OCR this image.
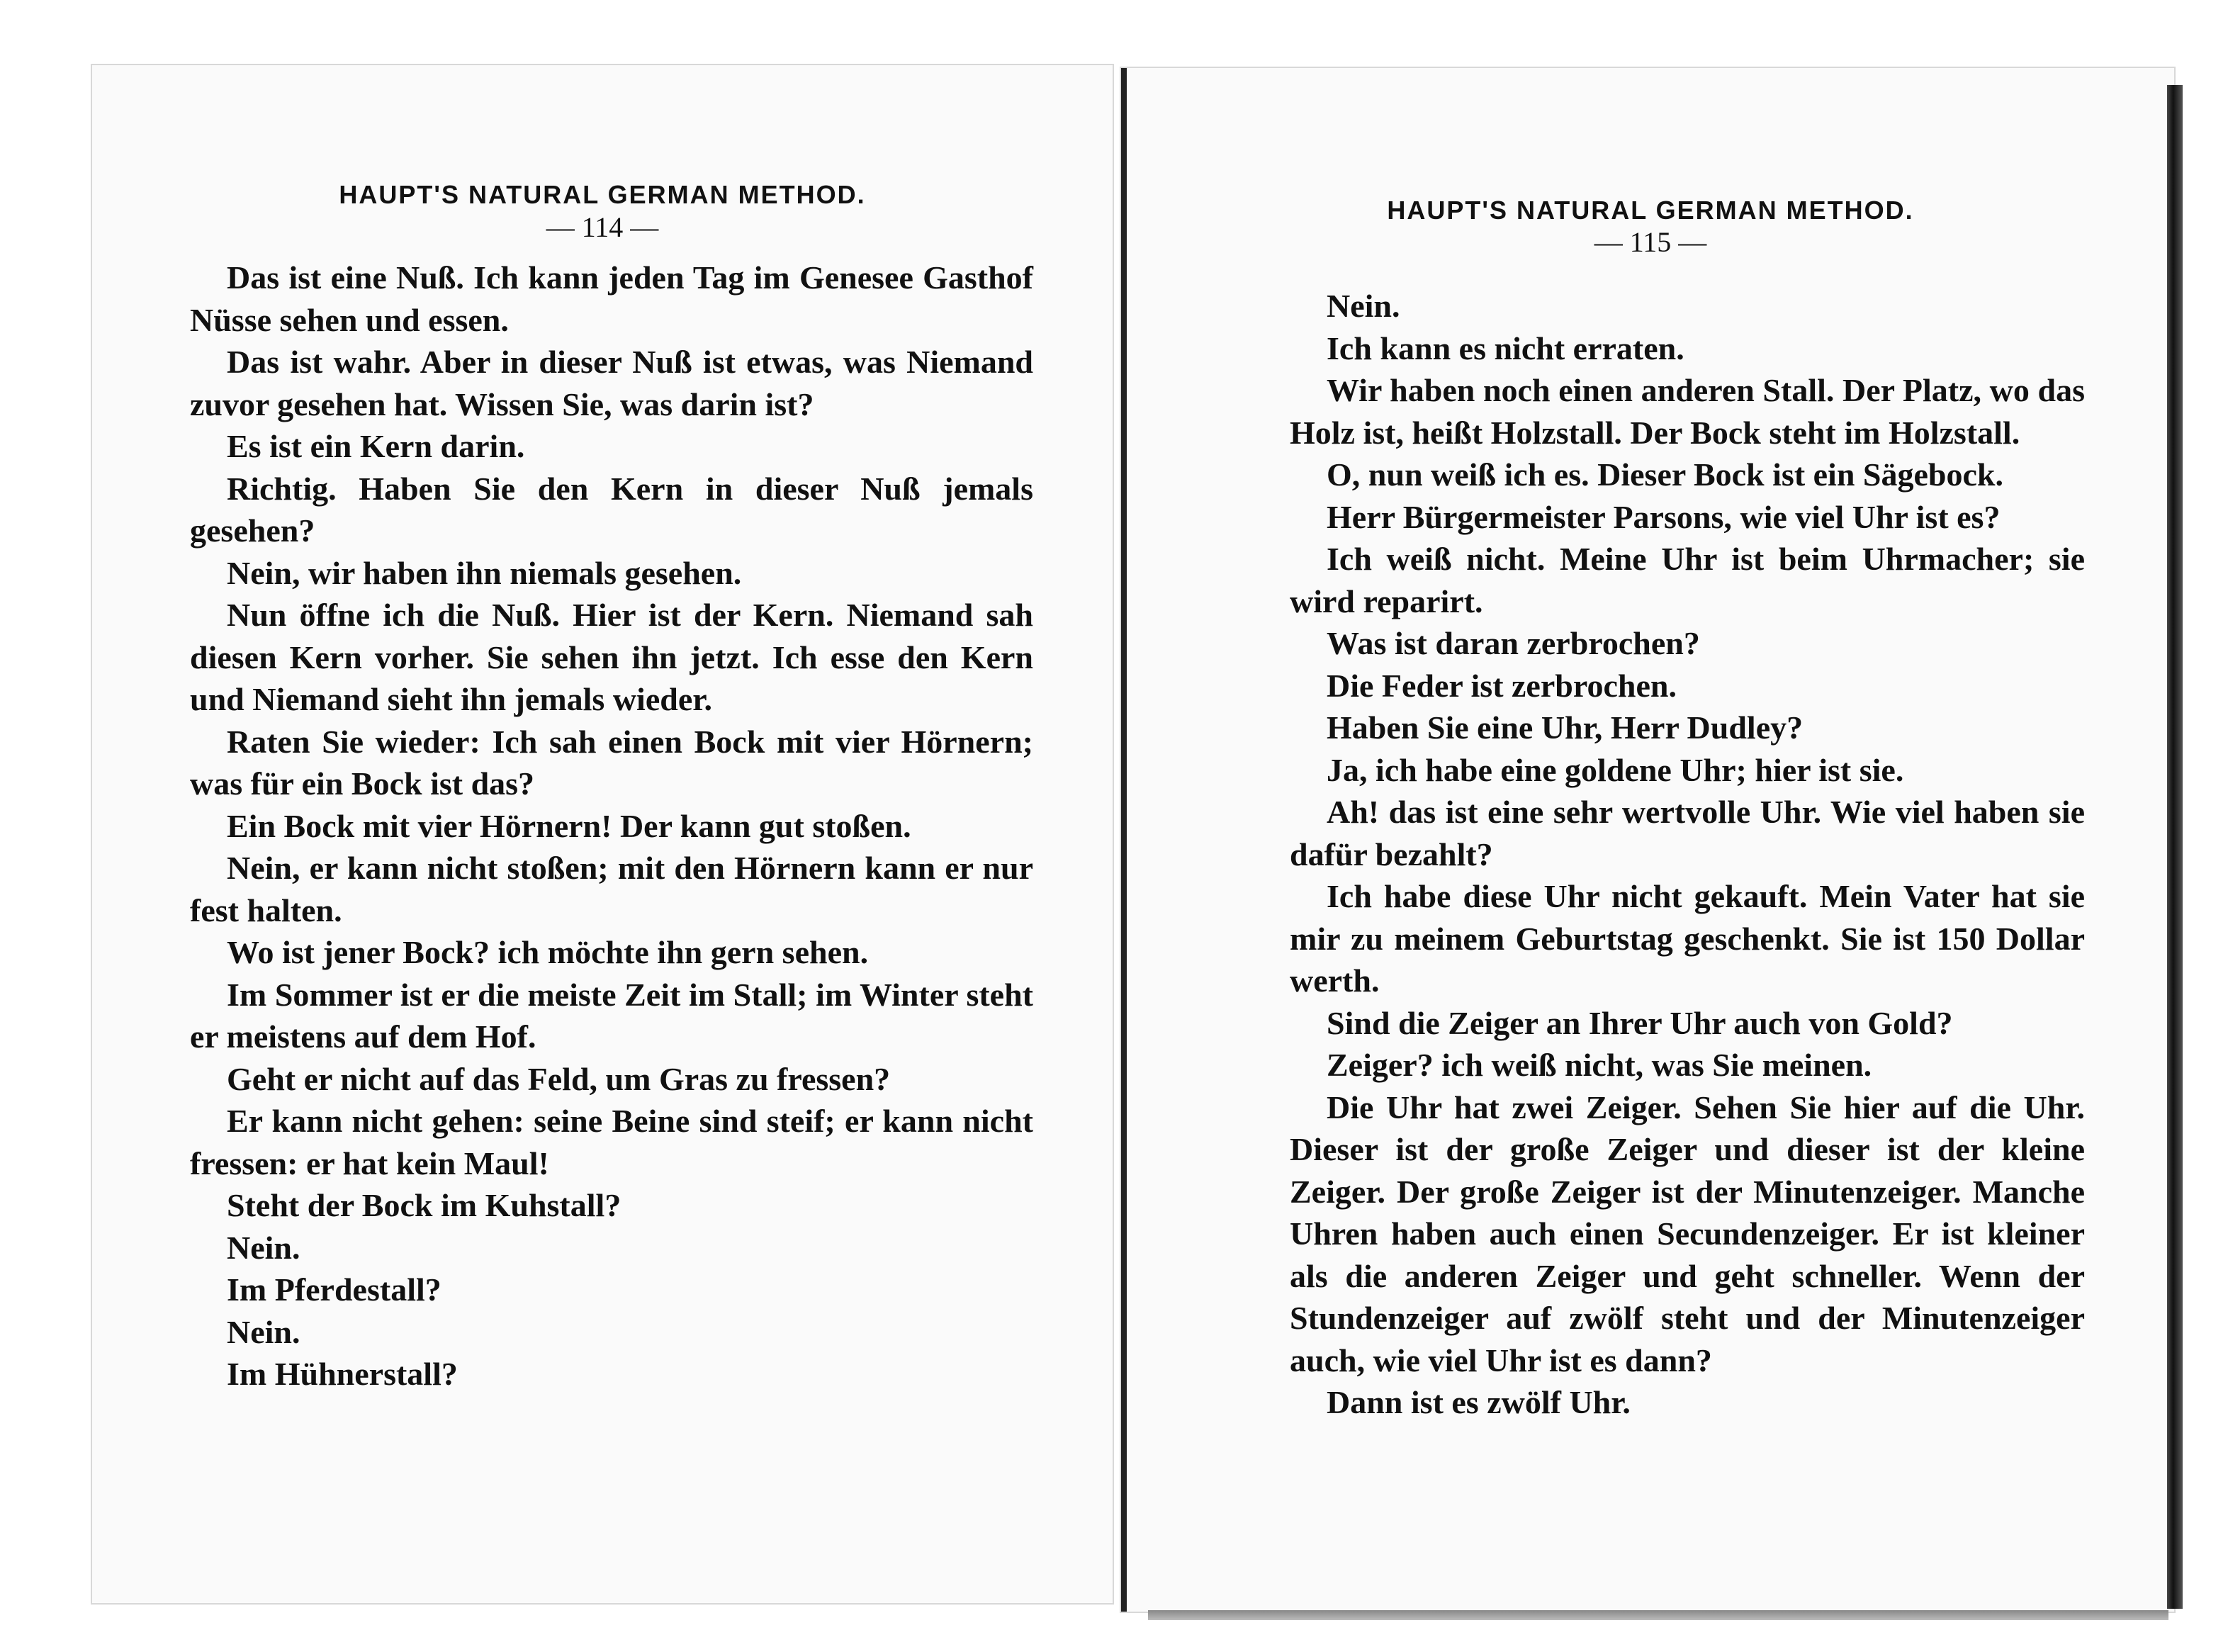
HAUPT'S NATURAL GERMAN METHOD.
— 114 —

Das ist eine Nuß. Ich kann jeden Tag im Genesee Gasthof Nüsse sehen und essen.

Das ist wahr. Aber in dieser Nuß ist etwas, was Niemand zuvor gesehen hat. Wissen Sie, was darin ist?

Es ist ein Kern darin.

Richtig. Haben Sie den Kern in dieser Nuß jemals gesehen?

Nein, wir haben ihn niemals gesehen.

Nun öffne ich die Nuß. Hier ist der Kern. Niemand sah diesen Kern vorher. Sie sehen ihn jetzt. Ich esse den Kern und Niemand sieht ihn jemals wieder.

Raten Sie wieder: Ich sah einen Bock mit vier Hörnern; was für ein Bock ist das?

Ein Bock mit vier Hörnern! Der kann gut stoßen.

Nein, er kann nicht stoßen; mit den Hörnern kann er nur fest halten.

Wo ist jener Bock? ich möchte ihn gern sehen.

Im Sommer ist er die meiste Zeit im Stall; im Winter steht er meistens auf dem Hof.

Geht er nicht auf das Feld, um Gras zu fressen?

Er kann nicht gehen: seine Beine sind steif; er kann nicht fressen: er hat kein Maul!

Steht der Bock im Kuhstall?

Nein.

Im Pferdestall?

Nein.

Im Hühnerstall?

HAUPT'S NATURAL GERMAN METHOD.
— 115 —

Nein.

Ich kann es nicht erraten.

Wir haben noch einen anderen Stall. Der Platz, wo das Holz ist, heißt Holzstall. Der Bock steht im Holzstall.

O, nun weiß ich es. Dieser Bock ist ein Sägebock.

Herr Bürgermeister Parsons, wie viel Uhr ist es?

Ich weiß nicht. Meine Uhr ist beim Uhrmacher; sie wird reparirt.

Was ist daran zerbrochen?

Die Feder ist zerbrochen.

Haben Sie eine Uhr, Herr Dudley?

Ja, ich habe eine goldene Uhr; hier ist sie.

Ah! das ist eine sehr wertvolle Uhr. Wie viel haben sie dafür bezahlt?

Ich habe diese Uhr nicht gekauft. Mein Vater hat sie mir zu meinem Geburtstag geschenkt. Sie ist 150 Dollar werth.

Sind die Zeiger an Ihrer Uhr auch von Gold?

Zeiger? ich weiß nicht, was Sie meinen.

Die Uhr hat zwei Zeiger. Sehen Sie hier auf die Uhr. Dieser ist der große Zeiger und dieser ist der kleine Zeiger. Der große Zeiger ist der Minutenzeiger. Manche Uhren haben auch einen Secundenzeiger. Er ist kleiner als die anderen Zeiger und geht schneller. Wenn der Stundenzeiger auf zwölf steht und der Minutenzeiger auch, wie viel Uhr ist es dann?

Dann ist es zwölf Uhr.
